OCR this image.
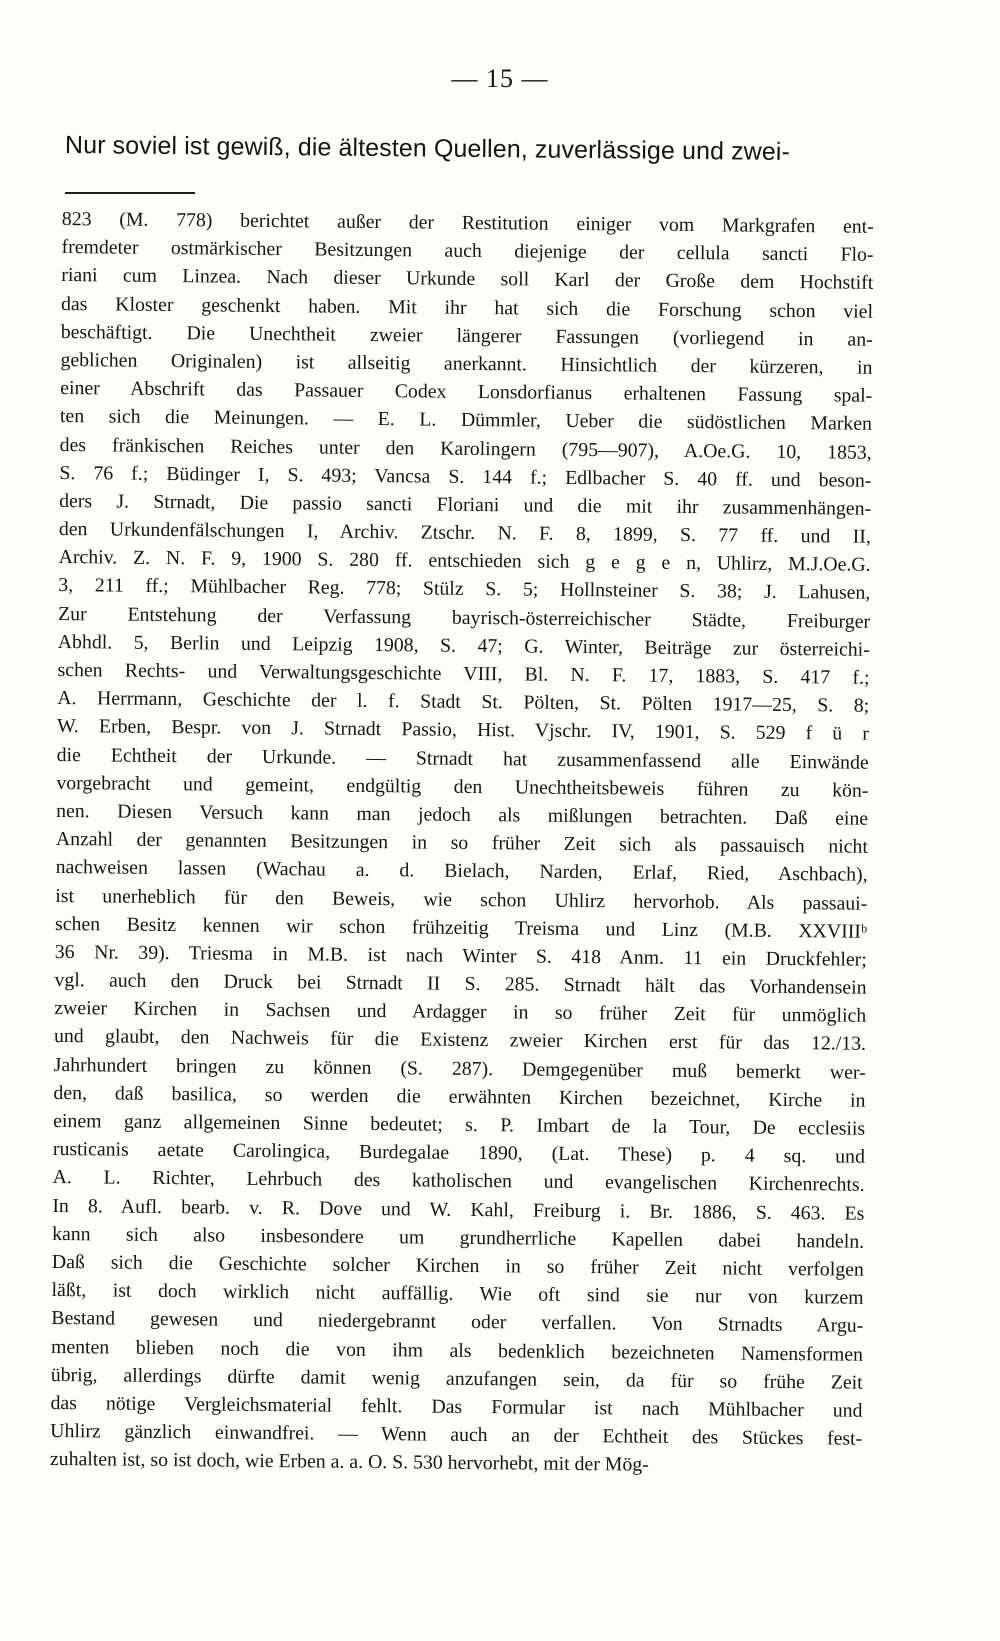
— 15 —
Nur soviel ist gewiß, die ältesten Quellen, zuverlässige und zwei-
823 (M. 778) berichtet außer der Restitution einiger vom Markgrafen ent-
fremdeter ostmärkischer Besitzungen auch diejenige der cellula sancti Flo-
riani cum Linzea. Nach dieser Urkunde soll Karl der Große dem Hochstift
das Kloster geschenkt haben. Mit ihr hat sich die Forschung schon viel
beschäftigt. Die Unechtheit zweier längerer Fassungen (vorliegend in an-
geblichen Originalen) ist allseitig anerkannt. Hinsichtlich der kürzeren, in
einer Abschrift das Passauer Codex Lonsdorfianus erhaltenen Fassung spal-
ten sich die Meinungen. — E. L. Dümmler, Ueber die südöstlichen Marken
des fränkischen Reiches unter den Karolingern (795—907), A.Oe.G. 10, 1853,
S. 76 f.; Büdinger I, S. 493; Vancsa S. 144 f.; Edlbacher S. 40 ff. und beson-
ders J. Strnadt, Die passio sancti Floriani und die mit ihr zusammenhängen-
den Urkundenfälschungen I, Archiv. Ztschr. N. F. 8, 1899, S. 77 ff. und II,
Archiv. Z. N. F. 9, 1900 S. 280 ff. entschieden sich g e g e n, Uhlirz, M.J.Oe.G.
3, 211 ff.; Mühlbacher Reg. 778; Stülz S. 5; Hollnsteiner S. 38; J. Lahusen,
Zur Entstehung der Verfassung bayrisch-österreichischer Städte, Freiburger
Abhdl. 5, Berlin und Leipzig 1908, S. 47; G. Winter, Beiträge zur österreichi-
schen Rechts- und Verwaltungsgeschichte VIII, Bl. N. F. 17, 1883, S. 417 f.;
A. Herrmann, Geschichte der l. f. Stadt St. Pölten, St. Pölten 1917—25, S. 8;
W. Erben, Bespr. von J. Strnadt Passio, Hist. Vjschr. IV, 1901, S. 529 f ü r
die Echtheit der Urkunde. — Strnadt hat zusammenfassend alle Einwände
vorgebracht und gemeint, endgültig den Unechtheitsbeweis führen zu kön-
nen. Diesen Versuch kann man jedoch als mißlungen betrachten. Daß eine
Anzahl der genannten Besitzungen in so früher Zeit sich als passauisch nicht
nachweisen lassen (Wachau a. d. Bielach, Narden, Erlaf, Ried, Aschbach),
ist unerheblich für den Beweis, wie schon Uhlirz hervorhob. Als passaui-
schen Besitz kennen wir schon frühzeitig Treisma und Linz (M.B. XXVIIIᵇ
36 Nr. 39). Triesma in M.B. ist nach Winter S. 418 Anm. 11 ein Druckfehler;
vgl. auch den Druck bei Strnadt II S. 285. Strnadt hält das Vorhandensein
zweier Kirchen in Sachsen und Ardagger in so früher Zeit für unmöglich
und glaubt, den Nachweis für die Existenz zweier Kirchen erst für das 12./13.
Jahrhundert bringen zu können (S. 287). Demgegenüber muß bemerkt wer-
den, daß basilica, so werden die erwähnten Kirchen bezeichnet, Kirche in
einem ganz allgemeinen Sinne bedeutet; s. P. Imbart de la Tour, De ecclesiis
rusticanis aetate Carolingica, Burdegalae 1890, (Lat. These) p. 4 sq. und
A. L. Richter, Lehrbuch des katholischen und evangelischen Kirchenrechts.
In 8. Aufl. bearb. v. R. Dove und W. Kahl, Freiburg i. Br. 1886, S. 463. Es
kann sich also insbesondere um grundherrliche Kapellen dabei handeln.
Daß sich die Geschichte solcher Kirchen in so früher Zeit nicht verfolgen
läßt, ist doch wirklich nicht auffällig. Wie oft sind sie nur von kurzem
Bestand gewesen und niedergebrannt oder verfallen. Von Strnadts Argu-
menten blieben noch die von ihm als bedenklich bezeichneten Namensformen
übrig, allerdings dürfte damit wenig anzufangen sein, da für so frühe Zeit
das nötige Vergleichsmaterial fehlt. Das Formular ist nach Mühlbacher und
Uhlirz gänzlich einwandfrei. — Wenn auch an der Echtheit des Stückes fest-
zuhalten ist, so ist doch, wie Erben a. a. O. S. 530 hervorhebt, mit der Mög-
